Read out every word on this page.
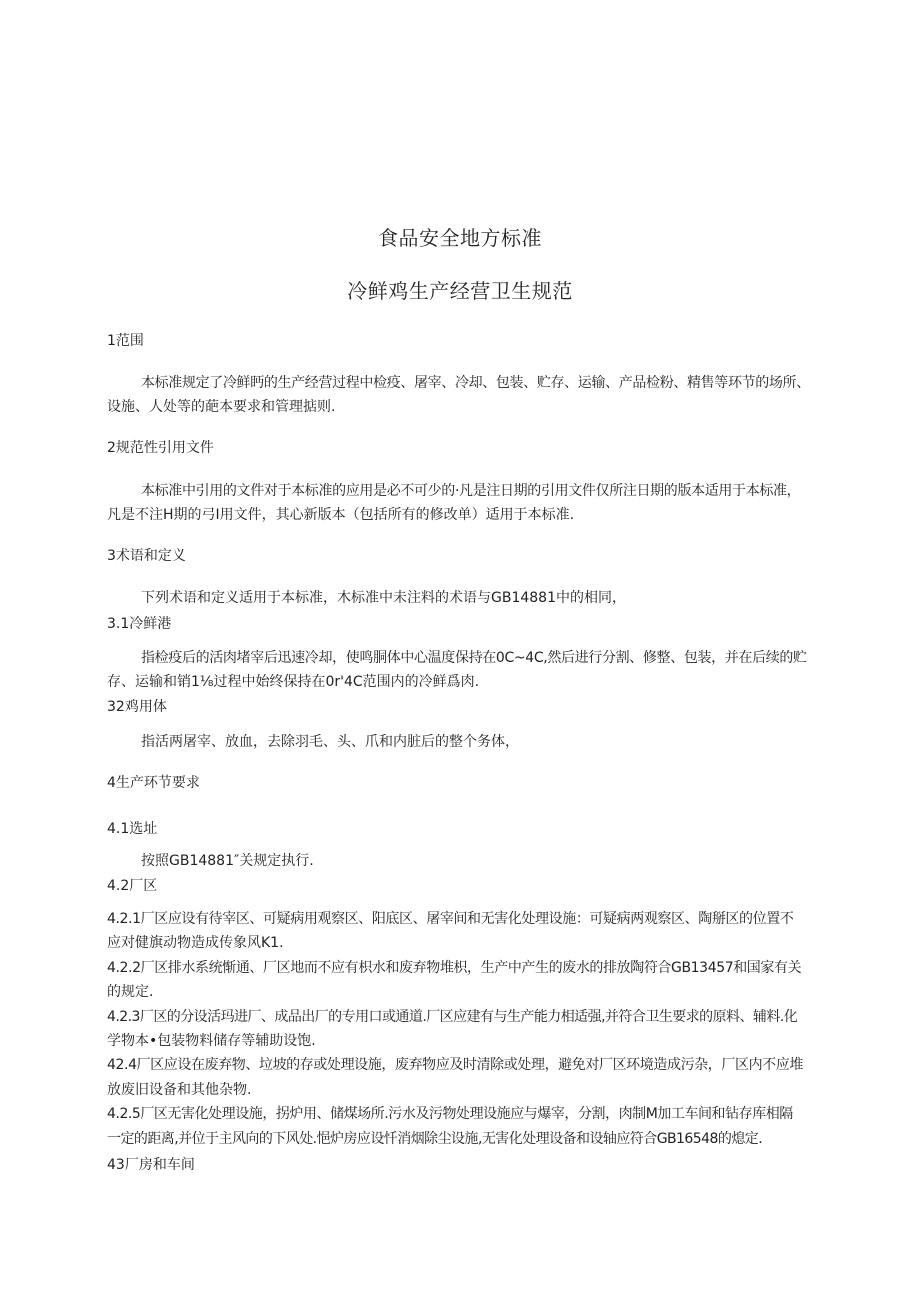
食品安全地方标准
冷鲜鸡生产经营卫生规范
1范围
本标准规定了冷鲜眄的生产经营过程中检疫、屠宰、冷却、包装、贮存、运输、产品检粉、精售等环节的场所、
设施、人处等的葩本要求和管理掂则.
2规范性引用文件
本标准中引用的文件对于本标准的应用是必不可少的·凡是注日期的引用文件仅所注日期的版本适用于本标准，
凡是不注H期的弓I用文件，其心新版本（包括所有的修改单）适用于本标准.
3术语和定义
下列术语和定义适用于本标准，木标准中未注料的术语与GB14881中的相同，
3.1冷鲜港
指检疫后的活肉堵宰后迅速冷却，使鸣胴体中心温度保持在0C~4C,然后进行分割、修整、包装，并在后续的贮
存、运输和销1⅛过程中始终保持在0r'4C范围内的冷鲜爲肉.
32鸡用体
指活两屠宰、放血，去除羽毛、头、爪和内脏后的整个务体，
4生产环节要求
4.1选址
按照GB14881″关规定执行.
4.2厂区
4.2.1厂区应设有待宰区、可疑病用观察区、阳底区、屠宰间和无害化处理设施：可疑病两观察区、陶掰区的位置不
应对健旗动物造成传象风K1.
4.2.2厂区排水系统惭通、厂区地而不应有枳水和废弃物堆枳，生产中产生的废水的排放陶符合GB13457和国家有关
的规定.
4.2.3厂区的分设活玛进厂、成品出厂的专用口或通道.厂区应建有与生产能力相适强,并符合卫生要求的原料、辅料.化
学物本•包装物料储存等辅助设饱.
42.4厂区应设在废弃物、垃坡的存或处理设施，废弃物应及时清除或处理，避免对厂区环境造成污杂，厂区内不应堆
放废旧设备和其他杂物.
4.2.5厂区无害化处理设施，拐炉用、储煤场所.污水及污物处理设施应与爆宰，分割，肉制M加工车间和钻存库相隔
一定的距离,并位于主风向的下风处.悒炉房应设忏消烟除尘设施,无害化处理设备和设轴应符合GB16548的熄定.
43厂房和车间
